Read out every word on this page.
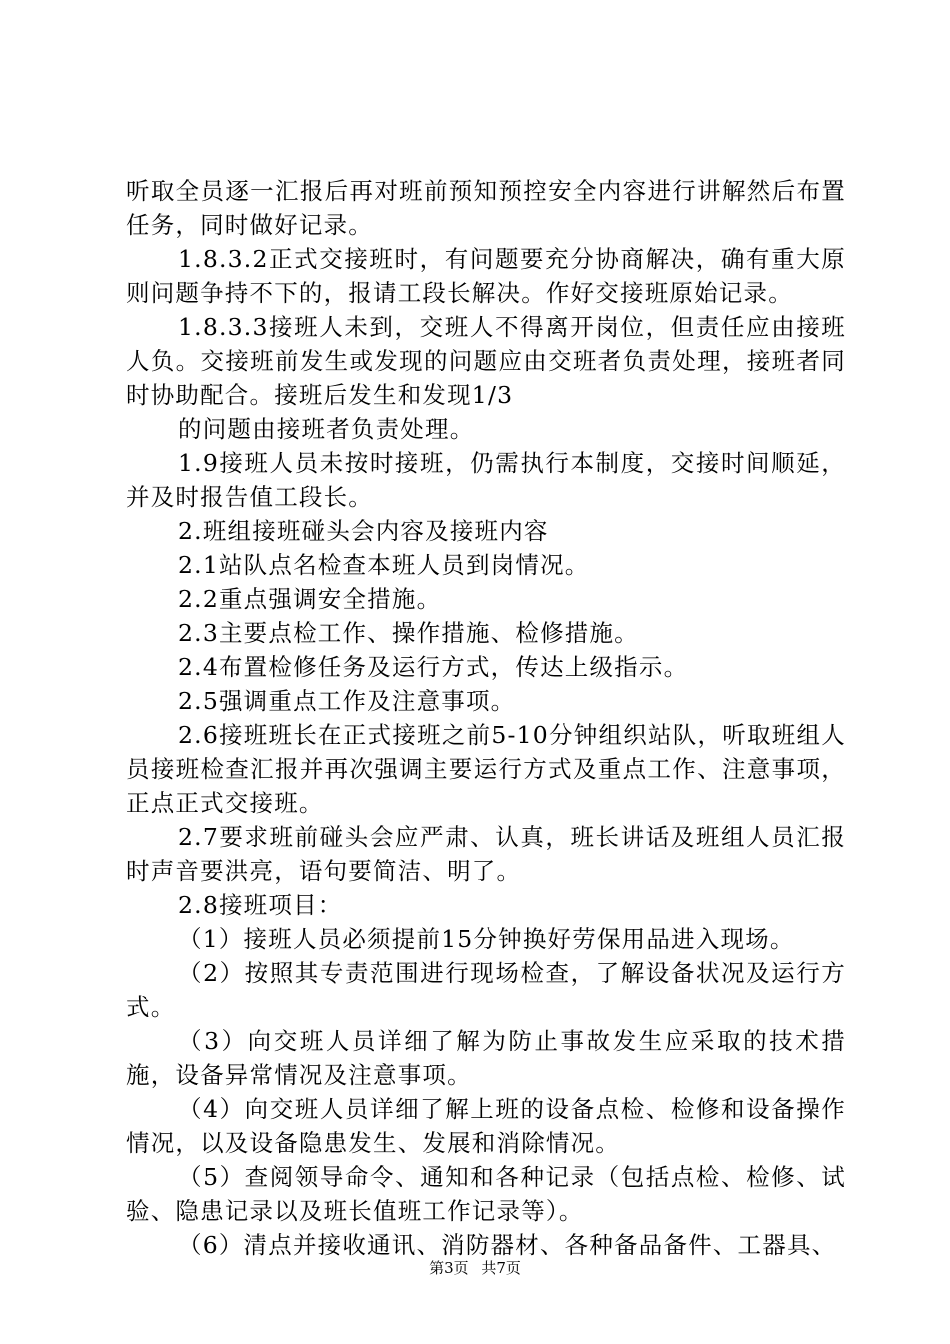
听取全员逐一汇报后再对班前预知预控安全内容进行讲解然后布置任务，同时做好记录。

1.8.3.2正式交接班时，有问题要充分协商解决，确有重大原则问题争持不下的，报请工段长解决。作好交接班原始记录。

1.8.3.3接班人未到，交班人不得离开岗位，但责任应由接班人负。交接班前发生或发现的问题应由交班者负责处理，接班者同时协助配合。接班后发生和发现1/3

的问题由接班者负责处理。

1.9接班人员未按时接班，仍需执行本制度，交接时间顺延，并及时报告值工段长。

2.班组接班碰头会内容及接班内容

2.1站队点名检查本班人员到岗情况。

2.2重点强调安全措施。

2.3主要点检工作、操作措施、检修措施。

2.4布置检修任务及运行方式，传达上级指示。

2.5强调重点工作及注意事项。

2.6接班班长在正式接班之前5-10分钟组织站队，听取班组人员接班检查汇报并再次强调主要运行方式及重点工作、注意事项，正点正式交接班。

2.7要求班前碰头会应严肃、认真，班长讲话及班组人员汇报时声音要洪亮，语句要简洁、明了。

2.8接班项目：

（1）接班人员必须提前15分钟换好劳保用品进入现场。

（2）按照其专责范围进行现场检查，了解设备状况及运行方式。

（3）向交班人员详细了解为防止事故发生应采取的技术措施，设备异常情况及注意事项。

（4）向交班人员详细了解上班的设备点检、检修和设备操作情况，以及设备隐患发生、发展和消除情况。

（5）查阅领导命令、通知和各种记录（包括点检、检修、试验、隐患记录以及班长值班工作记录等）。

（6）清点并接收通讯、消防器材、各种备品备件、工器具、

第3页 共7页
